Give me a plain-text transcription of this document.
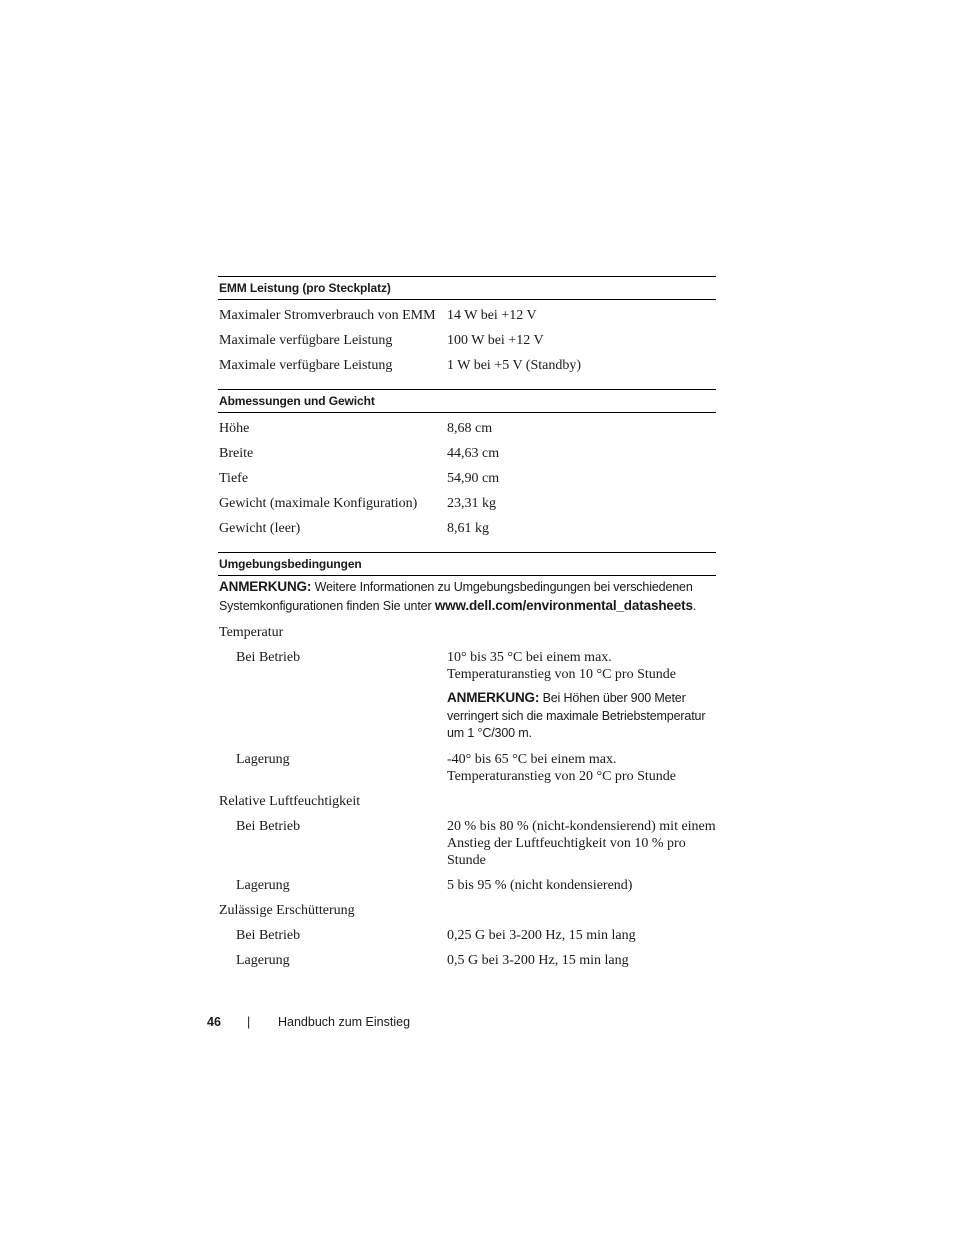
EMM Leistung (pro Steckplatz)
Maximaler Stromverbrauch von EMM 14 W bei +12 V
Maximale verfügbare Leistung	100 W bei +12 V
Maximale verfügbare Leistung	1 W bei +5 V (Standby)
Abmessungen und Gewicht
Höhe	8,68 cm
Breite	44,63 cm
Tiefe	54,90 cm
Gewicht (maximale Konfiguration)	23,31 kg
Gewicht (leer)	8,61 kg
Umgebungsbedingungen
ANMERKUNG: Weitere Informationen zu Umgebungsbedingungen bei verschiedenen Systemkonfigurationen finden Sie unter www.dell.com/environmental_datasheets.
Temperatur
Bei Betrieb	10° bis 35 °C bei einem max. Temperaturanstieg von 10 °C pro Stunde
ANMERKUNG: Bei Höhen über 900 Meter verringert sich die maximale Betriebstemperatur um 1 °C/300 m.
Lagerung	-40° bis 65 °C bei einem max. Temperaturanstieg von 20 °C pro Stunde
Relative Luftfeuchtigkeit
Bei Betrieb	20 % bis 80 % (nicht-kondensierend) mit einem Anstieg der Luftfeuchtigkeit von 10 % pro Stunde
Lagerung	5 bis 95 % (nicht kondensierend)
Zulässige Erschütterung
Bei Betrieb	0,25 G bei 3-200 Hz, 15 min lang
Lagerung	0,5 G bei 3-200 Hz, 15 min lang
46 | Handbuch zum Einstieg
